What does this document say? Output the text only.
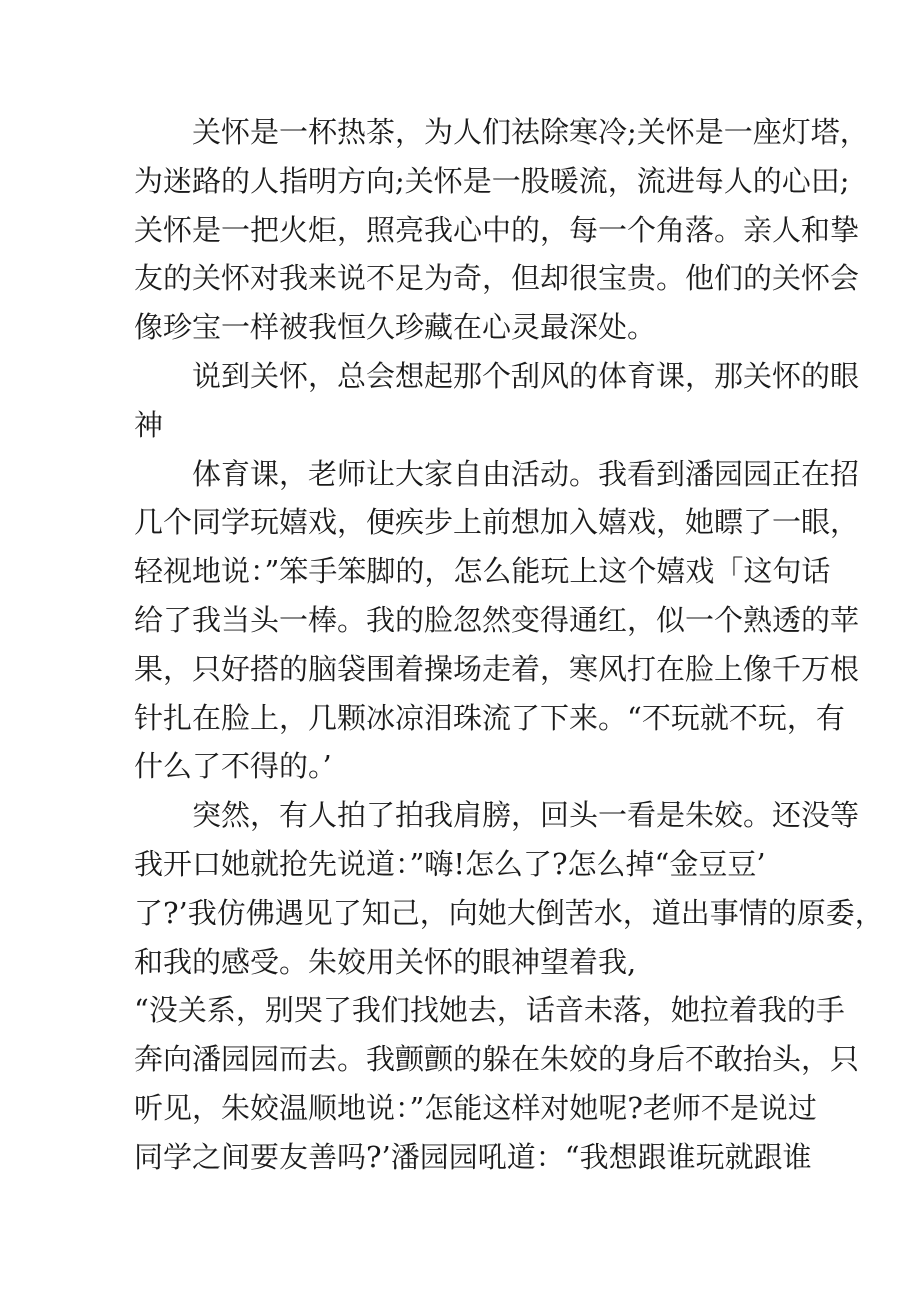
关怀是一杯热茶，为人们祛除寒冷;关怀是一座灯塔，
为迷路的人指明方向;关怀是一股暖流，流进每人的心田;
关怀是一把火炬，照亮我心中的，每一个角落。亲人和挚
友的关怀对我来说不足为奇，但却很宝贵。他们的关怀会
像珍宝一样被我恒久珍藏在心灵最深处。
说到关怀，总会想起那个刮风的体育课，那关怀的眼
神
体育课，老师让大家自由活动。我看到潘园园正在招
几个同学玩嬉戏，便疾步上前想加入嬉戏，她瞟了一眼，
轻视地说：”笨手笨脚的，怎么能玩上这个嬉戏「这句话
给了我当头一棒。我的脸忽然变得通红，似一个熟透的苹
果，只好搭的脑袋围着操场走着，寒风打在脸上像千万根
针扎在脸上，几颗冰凉泪珠流了下来。“不玩就不玩，有
什么了不得的。’
突然，有人拍了拍我肩膀，回头一看是朱姣。还没等
我开口她就抢先说道：”嗨!怎么了?怎么掉“金豆豆’
了?’我仿佛遇见了知己，向她大倒苦水，道出事情的原委，
和我的感受。朱姣用关怀的眼神望着我,
“没关系，别哭了我们找她去，话音未落，她拉着我的手
奔向潘园园而去。我颤颤的躲在朱姣的身后不敢抬头，只
听见，朱姣温顺地说：”怎能这样对她呢?老师不是说过
同学之间要友善吗?’潘园园吼道：“我想跟谁玩就跟谁
